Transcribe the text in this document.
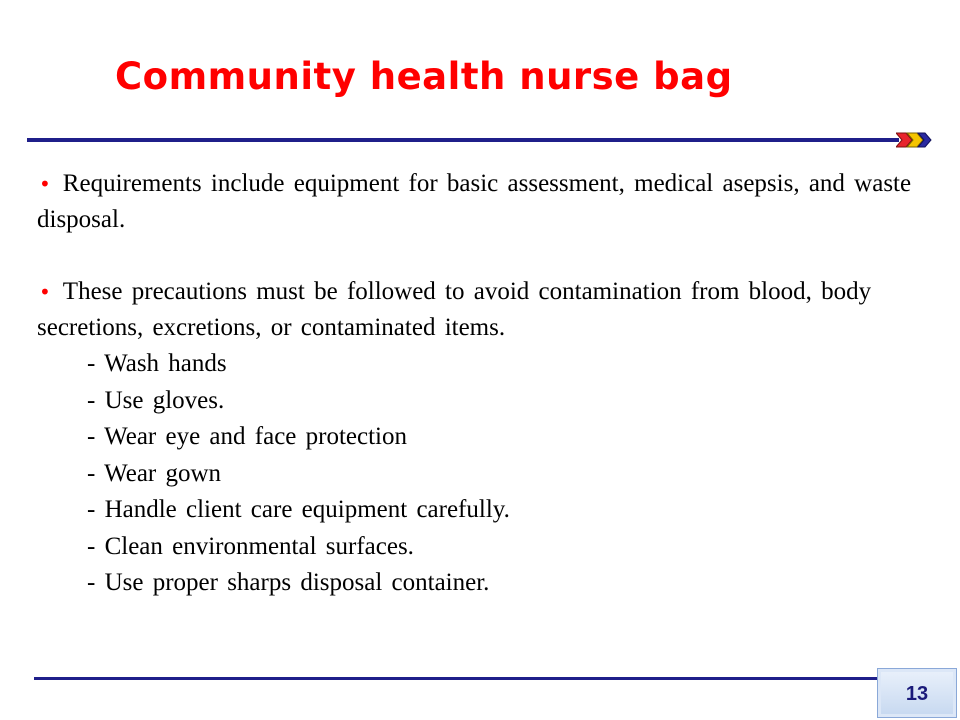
Community health nurse bag

• Requirements include equipment for basic assessment, medical asepsis, and waste disposal.

• These precautions must be followed to avoid contamination from blood, body secretions, excretions, or contaminated items.

- Wash hands
- Use gloves.
- Wear eye and face protection
- Wear gown
- Handle client care equipment carefully.
- Clean environmental surfaces.
- Use proper sharps disposal container.
13
